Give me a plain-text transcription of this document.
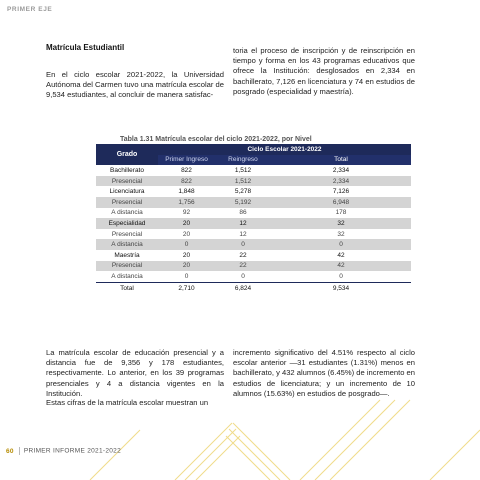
PRIMER EJE
Matrícula Estudiantil

En el ciclo escolar 2021-2022, la Universidad Autónoma del Carmen tuvo una matrícula escolar de 9,534 estudiantes, al concluir de manera satisfac-

toria el proceso de inscripción y de reinscripción en tiempo y forma en los 43 programas educativos que ofrece la Institución: desglosados en 2,334 en bachillerato, 7,126 en licenciatura y 74 en estudios de posgrado (especialidad y maestría).

Tabla 1.31 Matrícula escolar del ciclo 2021-2022, por Nivel
Grado	Ciclo Escolar 2021-2022		
	Primer Ingreso	Reingreso	Total
Bachillerato	822	1,512	2,334
Presencial	822	1,512	2,334
Licenciatura	1,848	5,278	7,126
Presencial	1,756	5,192	6,948
A distancia	92	86	178
Especialidad	20	12	32
Presencial	20	12	32
A distancia	0	0	0
Maestría	20	22	42
Presencial	20	22	42
A distancia	0	0	0
Total	2,710	6,824	9,534

La matrícula escolar de educación presencial y a distancia fue de 9,356 y 178 estudiantes, respectivamente. Lo anterior, en los 39 programas presenciales y 4 a distancia vigentes en la Institución.

Estas cifras de la matrícula escolar muestran un

incremento significativo del 4.51% respecto al ciclo escolar anterior —31 estudiantes (1.31%) menos en bachillerato, y 432 alumnos (6.45%) de incremento en estudios de licenciatura; y un incremento de 10 alumnos (15.63%) en estudios de posgrado—.

60 PRIMER INFORME 2021-2022
